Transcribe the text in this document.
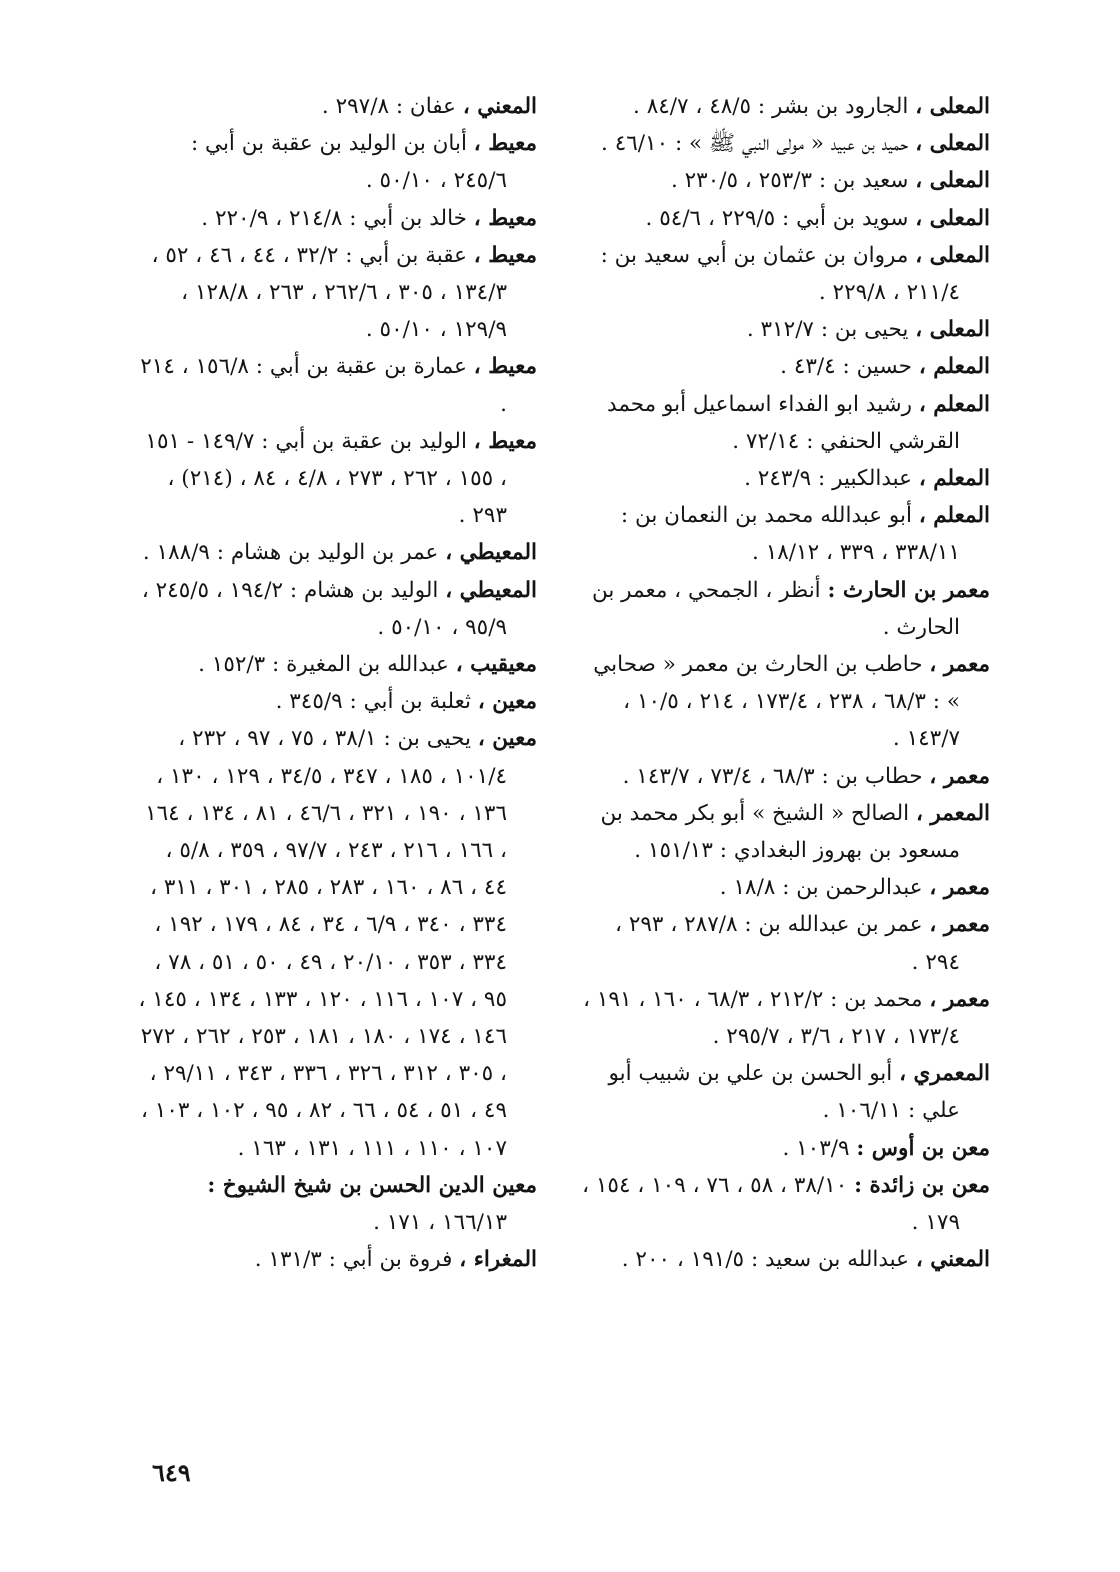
المعلى ، الجارود بن بشر : ٤٨/٥ ، ٨٤/٧ .

المعلى ، حميد بن عبيد « مولى النبي ﷺ » : ٤٦/١٠ .

المعلى ، سعيد بن : ٢٥٣/٣ ، ٢٣٠/٥ .

المعلى ، سويد بن أبي : ٢٢٩/٥ ، ٥٤/٦ .

المعلى ، مروان بن عثمان بن أبي سعيد بن : ٢١١/٤ ، ٢٢٩/٨ .

المعلى ، يحيى بن : ٣١٢/٧ .

المعلم ، حسين : ٤٣/٤ .

المعلم ، رشيد ابو الفداء اسماعيل أبو محمد القرشي الحنفي : ٧٢/١٤ .

المعلم ، عبدالكبير : ٢٤٣/٩ .

المعلم ، أبو عبدالله محمد بن النعمان بن : ٣٣٨/١١ ، ٣٣٩ ، ١٨/١٢ .

معمر بن الحارث : أنظر ، الجمحي ، معمر بن الحارث .

معمر ، حاطب بن الحارث بن معمر « صحابي » : ٦٨/٣ ، ٢٣٨ ، ١٧٣/٤ ، ٢١٤ ، ١٠/٥ ، ١٤٣/٧ .

معمر ، حطاب بن : ٦٨/٣ ، ٧٣/٤ ، ١٤٣/٧ .

المعمر ، الصالح « الشيخ » أبو بكر محمد بن مسعود بن بهروز البغدادي : ١٥١/١٣ .

معمر ، عبدالرحمن بن : ١٨/٨ .

معمر ، عمر بن عبدالله بن : ٢٨٧/٨ ، ٢٩٣ ، ٢٩٤ .

معمر ، محمد بن : ٢١٢/٢ ، ٦٨/٣ ، ١٦٠ ، ١٩١ ، ١٧٣/٤ ، ٢١٧ ، ٣/٦ ، ٢٩٥/٧ .

المعمري ، أبو الحسن بن علي بن شبيب أبو علي : ١٠٦/١١ .

معن بن أوس : ١٠٣/٩ .

معن بن زائدة : ٣٨/١٠ ، ٥٨ ، ٧٦ ، ١٠٩ ، ١٥٤ ، ١٧٩ .

المعني ، عبدالله بن سعيد : ١٩١/٥ ، ٢٠٠ .

المعني ، عفان : ٢٩٧/٨ .

معيط ، أبان بن الوليد بن عقبة بن أبي : ٢٤٥/٦ ، ٥٠/١٠ .

معيط ، خالد بن أبي : ٢١٤/٨ ، ٢٢٠/٩ .

معيط ، عقبة بن أبي : ٣٢/٢ ، ٤٤ ، ٤٦ ، ٥٢ ، ١٣٤/٣ ، ٣٠٥ ، ٢٦٢/٦ ، ٢٦٣ ، ١٢٨/٨ ، ١٢٩/٩ ، ٥٠/١٠ .

معيط ، عمارة بن عقبة بن أبي : ١٥٦/٨ ، ٢١٤ .

معيط ، الوليد بن عقبة بن أبي : ١٤٩/٧ - ١٥١ ، ١٥٥ ، ٢٦٢ ، ٢٧٣ ، ٤/٨ ، ٨٤ ، (٢١٤) ، ٢٩٣ .

المعيطي ، عمر بن الوليد بن هشام : ١٨٨/٩ .

المعيطي ، الوليد بن هشام : ١٩٤/٢ ، ٢٤٥/٥ ، ٩٥/٩ ، ٥٠/١٠ .

معيقيب ، عبدالله بن المغيرة : ١٥٢/٣ .

معين ، ثعلبة بن أبي : ٣٤٥/٩ .

معين ، يحيى بن : ٣٨/١ ، ٧٥ ، ٩٧ ، ٢٣٢ ، ١٠١/٤ ، ١٨٥ ، ٣٤٧ ، ٣٤/٥ ، ١٢٩ ، ١٣٠ ، ١٣٦ ، ١٩٠ ، ٣٢١ ، ٤٦/٦ ، ٨١ ، ١٣٤ ، ١٦٤ ، ١٦٦ ، ٢١٦ ، ٢٤٣ ، ٩٧/٧ ، ٣٥٩ ، ٥/٨ ، ٤٤ ، ٨٦ ، ١٦٠ ، ٢٨٣ ، ٢٨٥ ، ٣٠١ ، ٣١١ ، ٣٣٤ ، ٣٤٠ ، ٦/٩ ، ٣٤ ، ٨٤ ، ١٧٩ ، ١٩٢ ، ٣٣٤ ، ٣٥٣ ، ٢٠/١٠ ، ٤٩ ، ٥٠ ، ٥١ ، ٧٨ ، ٩٥ ، ١٠٧ ، ١١٦ ، ١٢٠ ، ١٣٣ ، ١٣٤ ، ١٤٥ ، ١٤٦ ، ١٧٤ ، ١٨٠ ، ١٨١ ، ٢٥٣ ، ٢٦٢ ، ٢٧٢ ، ٣٠٥ ، ٣١٢ ، ٣٢٦ ، ٣٣٦ ، ٣٤٣ ، ٢٩/١١ ، ٤٩ ، ٥١ ، ٥٤ ، ٦٦ ، ٨٢ ، ٩٥ ، ١٠٢ ، ١٠٣ ، ١٠٧ ، ١١٠ ، ١١١ ، ١٣١ ، ١٦٣ .

معين الدين الحسن بن شيخ الشيوخ : ١٦٦/١٣ ، ١٧١ .

المغراء ، فروة بن أبي : ١٣١/٣ .

٦٤٩
